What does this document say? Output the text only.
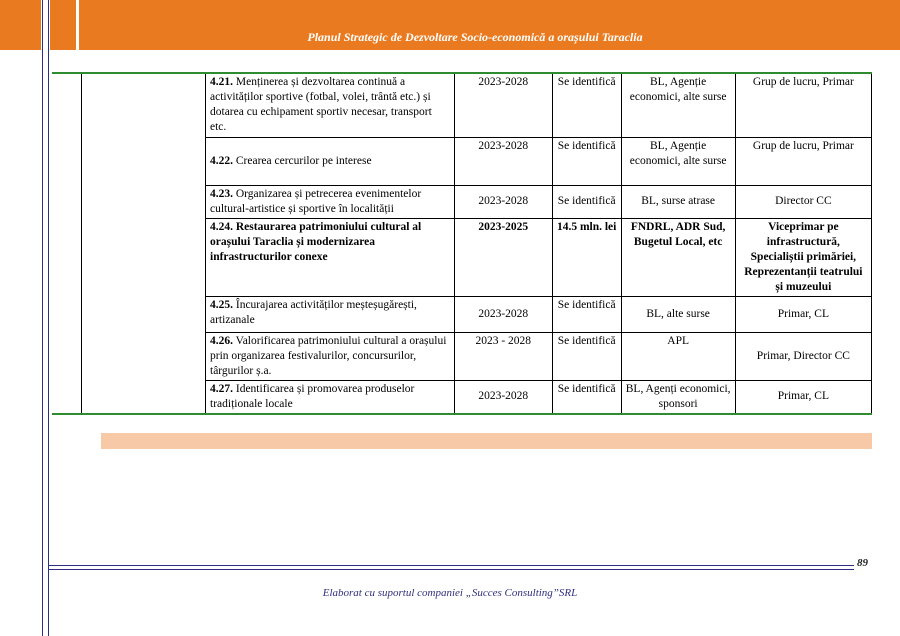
Planul Strategic de Dezvoltare Socio-economică a orașului Taraclia
		4.21. Menținerea și dezvoltarea continuă a activităților sportive (fotbal, volei, trântă etc.) și dotarea cu echipament sportiv necesar, transport etc.	2023-2028	Se identifică	BL, Agenție economici, alte surse	Grup de lucru, Primar
		4.22. Crearea cercurilor pe interese	2023-2028	Se identifică	BL, Agenție economici, alte surse	Grup de lucru, Primar
		4.23. Organizarea și petrecerea evenimentelor cultural-artistice și sportive în localității	2023-2028	Se identifică	BL, surse atrase	Director CC
		4.24. Restaurarea patrimoniului cultural al orașului Taraclia și modernizarea infrastructurilor conexe	2023-2025	14.5 mln. lei	FNDRL, ADR Sud, Bugetul Local, etc	Viceprimar pe infrastructură, Specialiștii primăriei, Reprezentanții teatrului și muzeului
		4.25. Încurajarea activităților meșteșugărești, artizanale	2023-2028	Se identifică	BL, alte surse	Primar, CL
		4.26. Valorificarea patrimoniului cultural a orașului prin organizarea festivalurilor, concursurilor, târgurilor ș.a.	2023 - 2028	Se identifică	APL	Primar, Director CC
		4.27. Identificarea și promovarea produselor tradiționale locale	2023-2028	Se identifică	BL, Agenți economici, sponsori	Primar, CL
89
Elaborat cu suportul companiei „Succes Consulting”SRL
